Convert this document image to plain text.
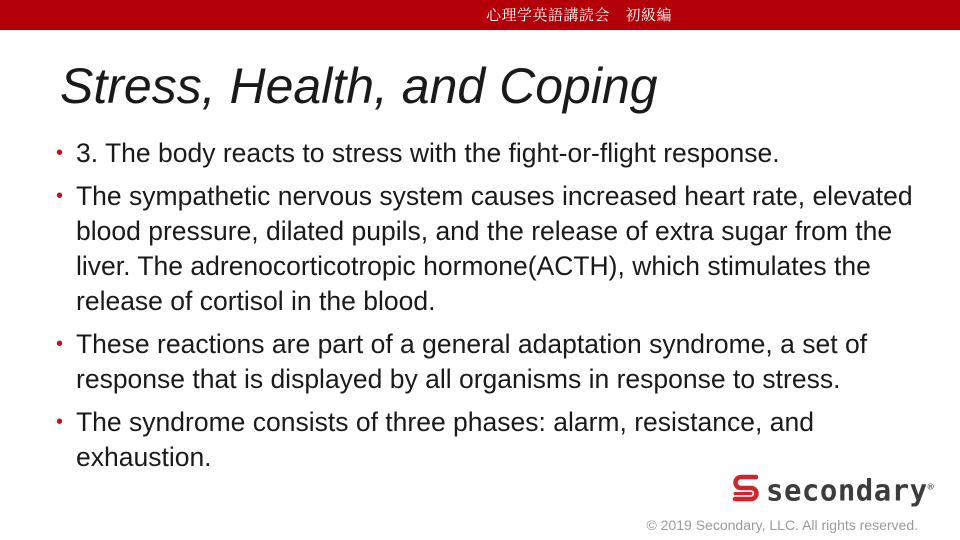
心理学英語講読会　初級編
Stress, Health, and Coping
• 3. The body reacts to stress with the fight-or-flight response.
• The sympathetic nervous system causes increased heart rate, elevated blood pressure, dilated pupils, and the release of extra sugar from the liver. The adrenocorticotropic hormone(ACTH), which stimulates the release of cortisol in the blood.
• These reactions are part of a general adaptation syndrome, a set of response that is displayed by all organisms in response to stress.
• The syndrome consists of three phases: alarm, resistance, and exhaustion.
secondary®
© 2019 Secondary, LLC. All rights reserved.
